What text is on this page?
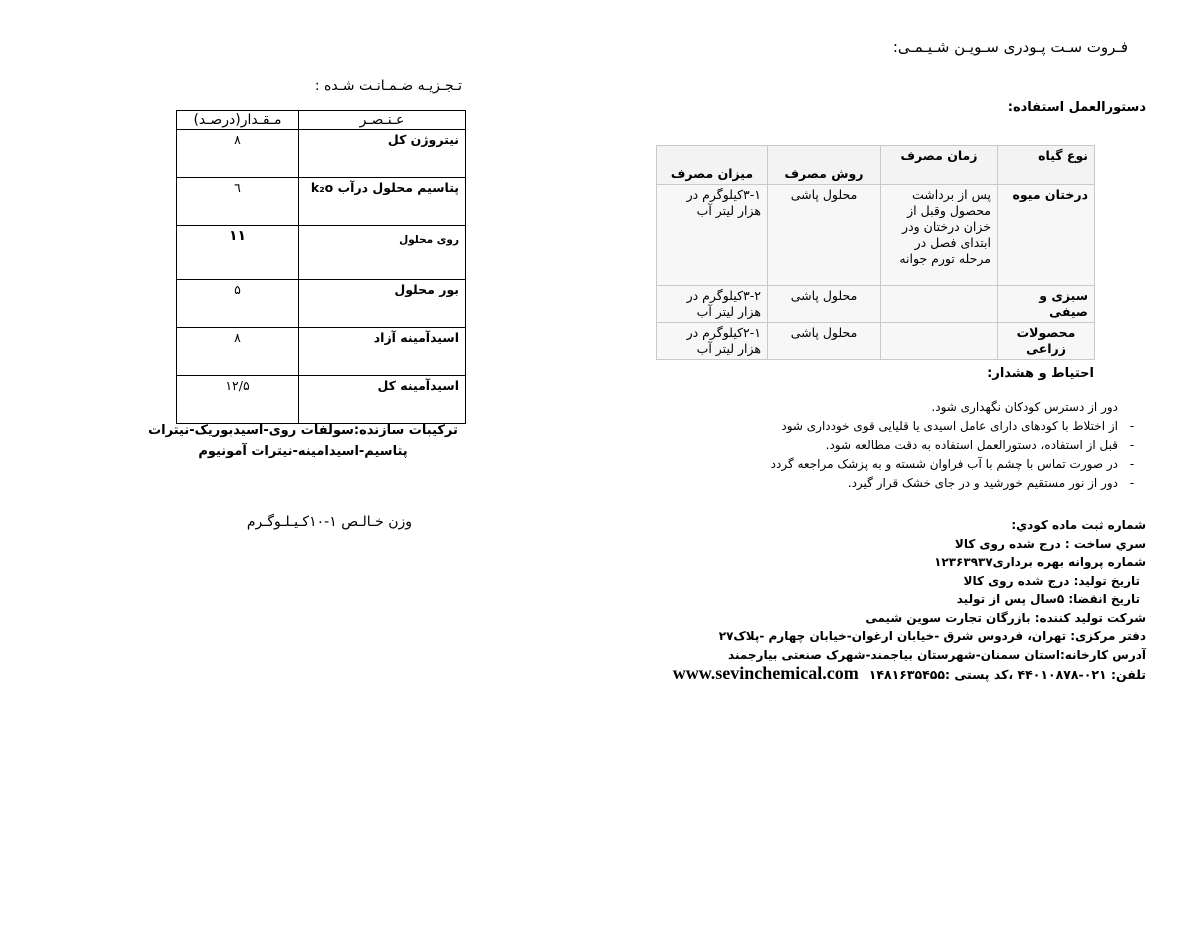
فـروت سـت پـودری سـویـن شـیـمـی:
دستورالعمل استفاده:
نوع گیاه	زمان مصرف	روش مصرف	میزان مصرف
درختان میوه	پس از برداشت محصول وقبل از خزان درختان ودر ابتدای فصل در مرحله تورم جوانه	محلول پاشی	۳-۱کیلوگرم در هزار لیتر آب
سبزی و صیفی		محلول پاشی	۳-۲کیلوگرم در هزار لیتر آب
محصولات زراعی		محلول پاشی	۲-۱کیلوگرم در هزار لیتر آب
احتیاط و هشدار:
دور از دسترس کودکان نگهداری شود.
-
از اختلاط با کودهای دارای عامل اسیدی یا قلیایی قوی خودداری شود
-
قبل از استفاده، دستورالعمل استفاده به دقت مطالعه شود.
-
در صورت تماس با چشم با آب فراوان شسته و به پزشک مراجعه گردد
-
دور از نور مستقیم خورشید و در جای خشک قرار گیرد.
شماره ثبت ماده كودي:
سري ساخت : درج شده روی کالا
شماره پروانه بهره برداری۱۲۳۶۳۹۳۷
تاریخ تولید: درج شده روی کالا
تاریخ انقضا: ۵سال پس از تولید
شرکت تولید کننده: بازرگان تجارت سوین شیمی
دفتر مرکزی: تهران، فردوس شرق -خیابان ارغوان-خیابان چهارم -پلاک۲۷
آدرس کارخانه:استان سمنان-شهرستان بیاجمند-شهرک صنعتی بیارجمند
تلفن: ۰۲۱-۴۴۰۱۰۸۷۸ ،کد پستی :۱۴۸۱۶۳۵۴۵۵www.sevinchemical.com
تـجـزیـه ضـمـانـت شـده :
عـنـصـر	مـقـدار(درصـد)
نیتروژن کل	۸
پتاسیم محلول درآب k₂o	٦
روی محلول	۱۱
بور محلول	۵
اسیدآمینه آزاد	۸
اسیدآمینه کل	۱۲/۵
ترکیبات سازنده:سولفات روی-اسیدبوریک-نیترات پتاسیم-اسیدامینه-نیترات آمونیوم
وزن خـالـص ۱-۱۰کـیـلـوگـرم
